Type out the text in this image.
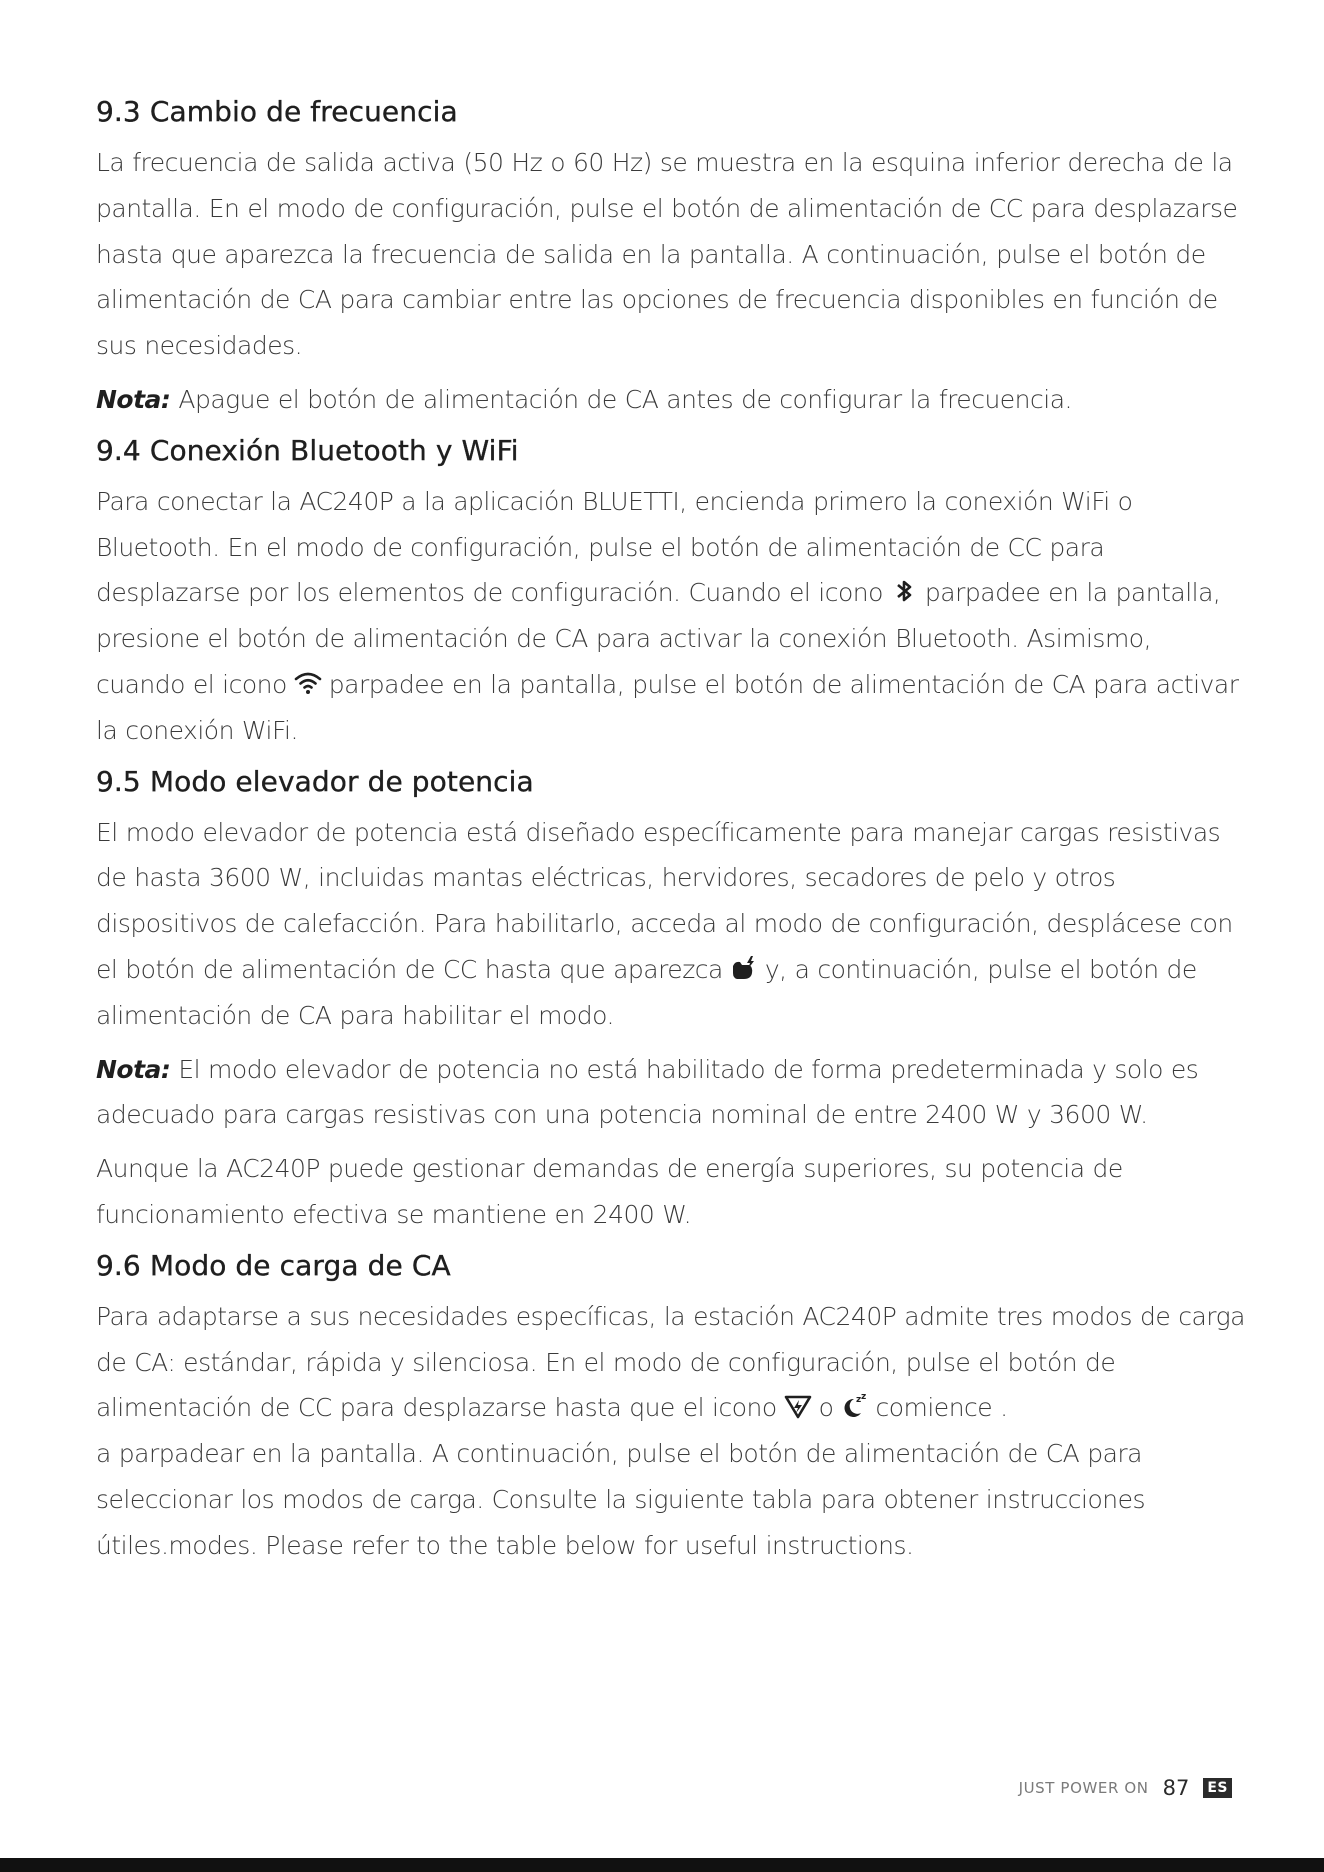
9.3 Cambio de frecuencia

La frecuencia de salida activa (50 Hz o 60 Hz) se muestra en la esquina inferior derecha de la pantalla. En el modo de configuración, pulse el botón de alimentación de CC para desplazarse hasta que aparezca la frecuencia de salida en la pantalla. A continuación, pulse el botón de alimentación de CA para cambiar entre las opciones de frecuencia disponibles en función de sus necesidades.

Nota: Apague el botón de alimentación de CA antes de configurar la frecuencia.

9.4 Conexión Bluetooth y WiFi

Para conectar la AC240P a la aplicación BLUETTI, encienda primero la conexión WiFi o Bluetooth. En el modo de configuración, pulse el botón de alimentación de CC para desplazarse por los elementos de configuración. Cuando el icono parpadee en la pantalla, presione el botón de alimentación de CA para activar la conexión Bluetooth. Asimismo, cuando el icono parpadee en la pantalla, pulse el botón de alimentación de CA para activar la conexión WiFi.

9.5 Modo elevador de potencia

El modo elevador de potencia está diseñado específicamente para manejar cargas resistivas de hasta 3600 W, incluidas mantas eléctricas, hervidores, secadores de pelo y otros dispositivos de calefacción. Para habilitarlo, acceda al modo de configuración, desplácese con el botón de alimentación de CC hasta que aparezca y, a continuación, pulse el botón de alimentación de CA para habilitar el modo.

Nota: El modo elevador de potencia no está habilitado de forma predeterminada y solo es adecuado para cargas resistivas con una potencia nominal de entre 2400 W y 3600 W.

Aunque la AC240P puede gestionar demandas de energía superiores, su potencia de funcionamiento efectiva se mantiene en 2400 W.

9.6 Modo de carga de CA

Para adaptarse a sus necesidades específicas, la estación AC240P admite tres modos de carga de CA: estándar, rápida y silenciosa. En el modo de configuración, pulse el botón de alimentación de CC para desplazarse hasta que el icono o	z z comience .
a parpadear en la pantalla. A continuación, pulse el botón de alimentación de CA para seleccionar los modos de carga. Consulte la siguiente tabla para obtener instrucciones útiles.modes. Please refer to the table below for useful instructions.

JUST POWER ON 87 ES
